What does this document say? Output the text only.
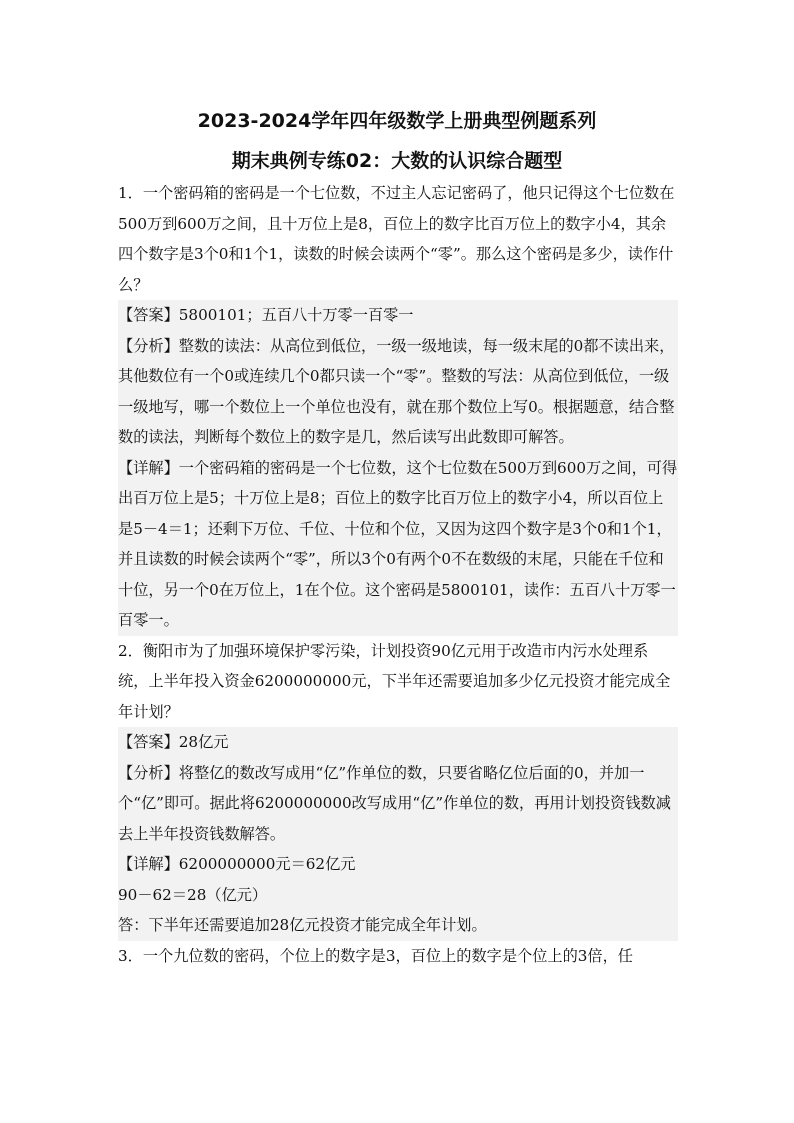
2023-2024学年四年级数学上册典型例题系列
期末典例专练02：大数的认识综合题型

1．一个密码箱的密码是一个七位数，不过主人忘记密码了，他只记得这个七位数在500万到600万之间，且十万位上是8，百位上的数字比百万位上的数字小4，其余四个数字是3个0和1个1，读数的时候会读两个“零”。那么这个密码是多少，读作什么？

【答案】5800101；五百八十万零一百零一

【分析】整数的读法：从高位到低位，一级一级地读，每一级末尾的0都不读出来，其他数位有一个0或连续几个0都只读一个“零”。整数的写法：从高位到低位，一级一级地写，哪一个数位上一个单位也没有，就在那个数位上写0。根据题意，结合整数的读法，判断每个数位上的数字是几，然后读写出此数即可解答。

【详解】一个密码箱的密码是一个七位数，这个七位数在500万到600万之间，可得出百万位上是5；十万位上是8；百位上的数字比百万位上的数字小4，所以百位上是5－4＝1；还剩下万位、千位、十位和个位，又因为这四个数字是3个0和1个1，并且读数的时候会读两个“零”，所以3个0有两个0不在数级的末尾，只能在千位和十位，另一个0在万位上，1在个位。这个密码是5800101，读作：五百八十万零一百零一。

2．衡阳市为了加强环境保护零污染，计划投资90亿元用于改造市内污水处理系统，上半年投入资金6200000000元，下半年还需要追加多少亿元投资才能完成全年计划？

【答案】28亿元

【分析】将整亿的数改写成用“亿”作单位的数，只要省略亿位后面的0，并加一个“亿”即可。据此将6200000000改写成用“亿”作单位的数，再用计划投资钱数减去上半年投资钱数解答。

【详解】6200000000元＝62亿元

90－62＝28（亿元）

答：下半年还需要追加28亿元投资才能完成全年计划。

3．一个九位数的密码，个位上的数字是3，百位上的数字是个位上的3倍，任
